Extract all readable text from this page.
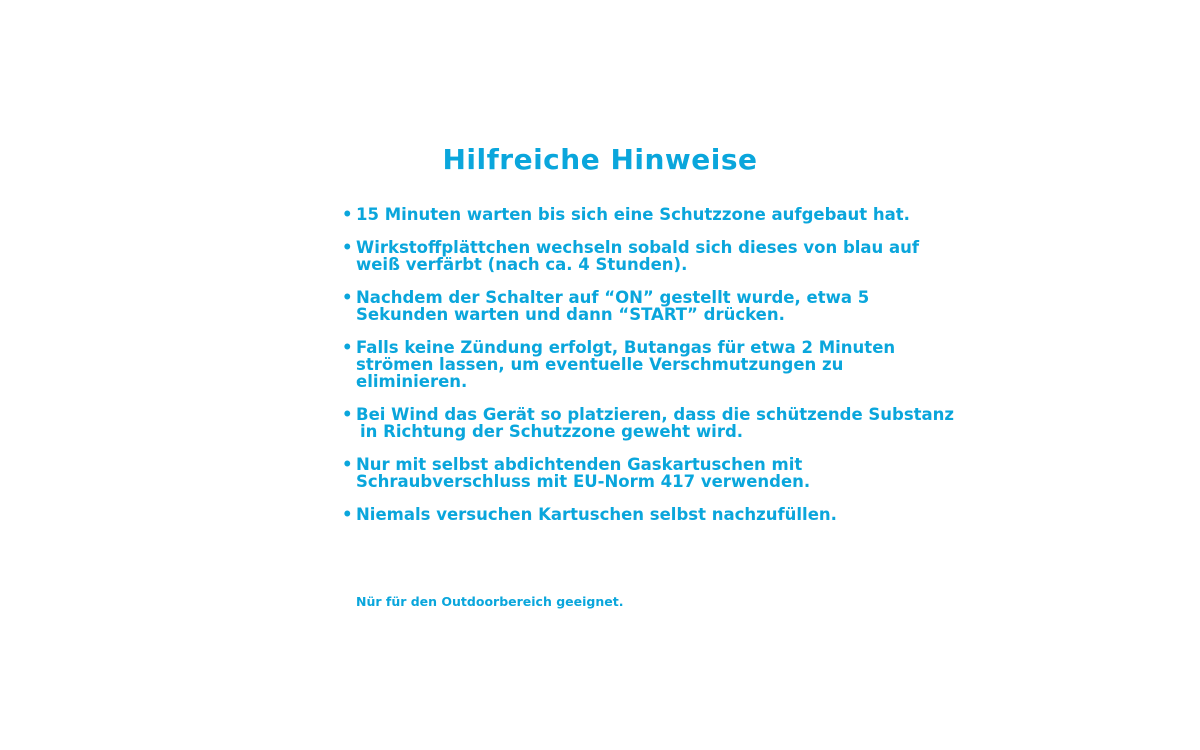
Hilfreiche Hinweise
• 15 Minuten warten bis sich eine Schutzzone aufgebaut hat.
• Wirkstoffplättchen wechseln sobald sich dieses von blau auf
weiß verfärbt (nach ca. 4 Stunden).
• Nachdem der Schalter auf “ON” gestellt wurde, etwa 5
Sekunden warten und dann “START” drücken.
• Falls keine Zündung erfolgt, Butangas für etwa 2 Minuten
strömen lassen, um eventuelle Verschmutzungen zu
eliminieren.
• Bei Wind das Gerät so platzieren, dass die schützende Substanz
in Richtung der Schutzzone geweht wird.
• Nur mit selbst abdichtenden Gaskartuschen mit
Schraubverschluss mit EU-Norm 417 verwenden.
• Niemals versuchen Kartuschen selbst nachzufüllen.
Nür für den Outdoorbereich geeignet.
